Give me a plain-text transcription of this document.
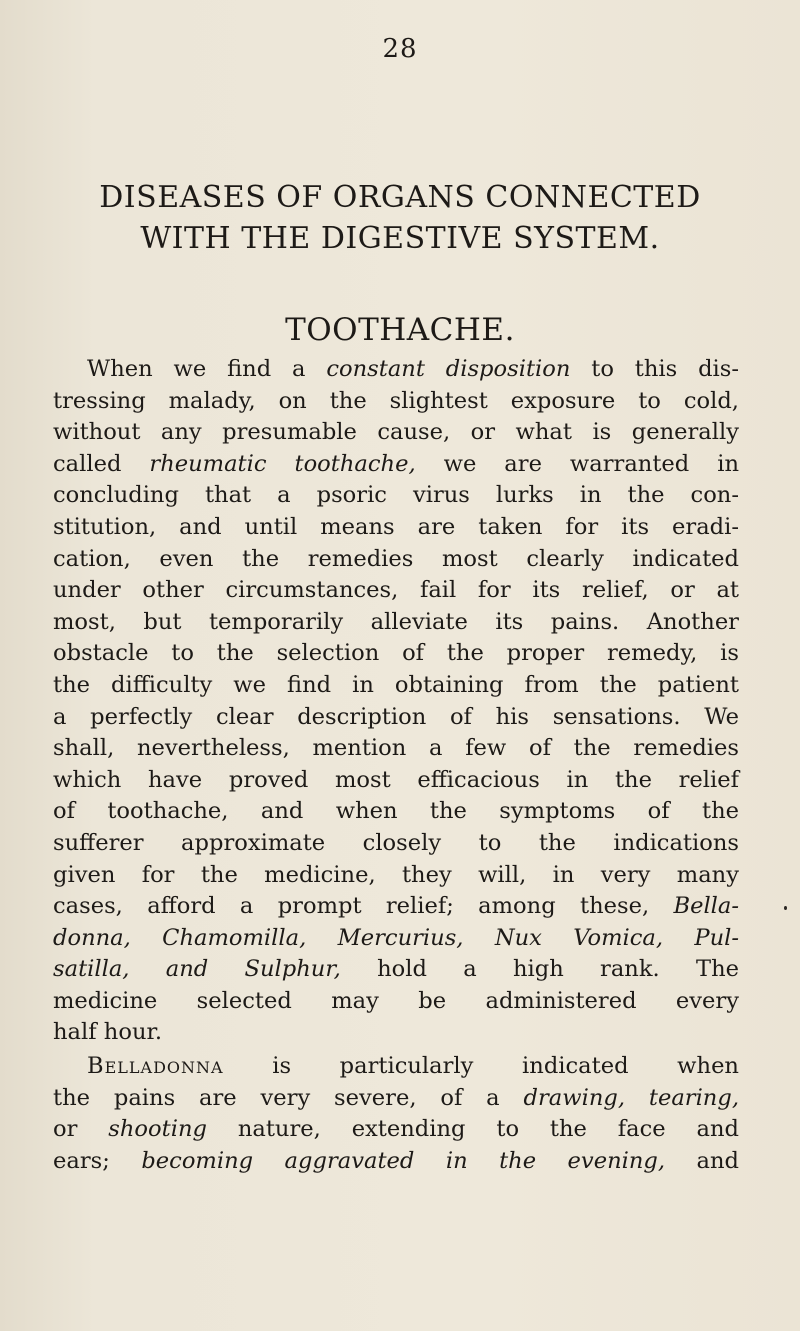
28
DISEASES OF ORGANS CONNECTED
WITH THE DIGESTIVE SYSTEM.
TOOTHACHE.
When we find a constant disposition to this dis-
tressing malady, on the slightest exposure to cold,
without any presumable cause, or what is generally
called rheumatic toothache, we are warranted in
concluding that a psoric virus lurks in the con-
stitution, and until means are taken for its eradi-
cation, even the remedies most clearly indicated
under other circumstances, fail for its relief, or at
most, but temporarily alleviate its pains. Another
obstacle to the selection of the proper remedy, is
the difficulty we find in obtaining from the patient
a perfectly clear description of his sensations. We
shall, nevertheless, mention a few of the remedies
which have proved most efficacious in the relief
of toothache, and when the symptoms of the
sufferer approximate closely to the indications
given for the medicine, they will, in very many
cases, afford a prompt relief; among these, Bella-
donna, Chamomilla, Mercurius, Nux Vomica, Pul-
satilla, and Sulphur, hold a high rank. The
medicine selected may be administered every
half hour.
Belladonna is particularly indicated when
the pains are very severe, of a drawing, tearing,
or shooting nature, extending to the face and
ears; becoming aggravated in the evening, and
